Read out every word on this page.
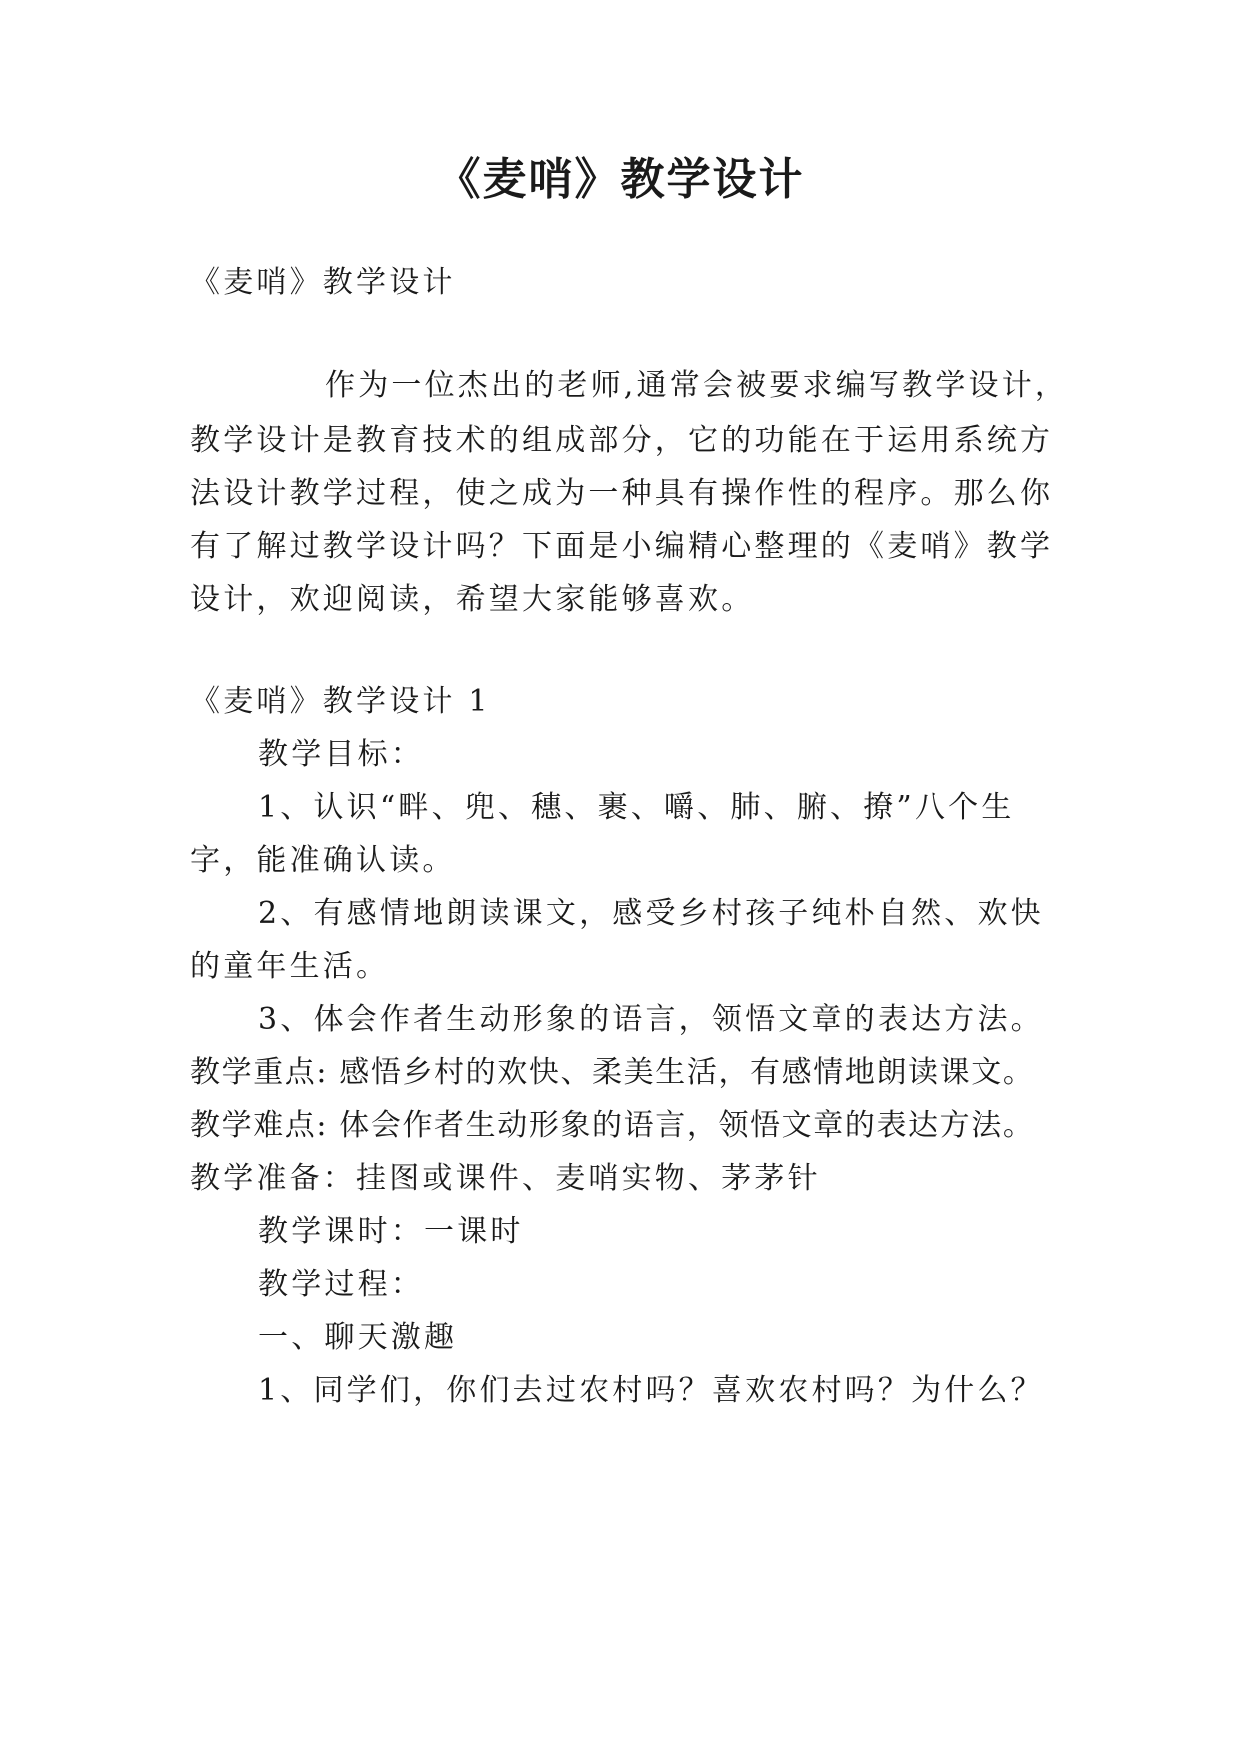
《麦哨》教学设计
《麦哨》教学设计
作为一位杰出的老师,通常会被要求编写教学设计，
教学设计是教育技术的组成部分，它的功能在于运用系统方
法设计教学过程，使之成为一种具有操作性的程序。那么你
有了解过教学设计吗？下面是小编精心整理的《麦哨》教学
设计，欢迎阅读，希望大家能够喜欢。
《麦哨》教学设计 1
教学目标：
1、认识“畔、兜、穗、裹、嚼、肺、腑、撩”八个生
字，能准确认读。
2、有感情地朗读课文，感受乡村孩子纯朴自然、欢快
的童年生活。
3、体会作者生动形象的语言，领悟文章的表达方法。
教学重点: 感悟乡村的欢快、柔美生活，有感情地朗读课文。
教学难点: 体会作者生动形象的语言，领悟文章的表达方法。
教学准备：挂图或课件、麦哨实物、茅茅针
教学课时：一课时
教学过程：
一、聊天激趣
1、同学们，你们去过农村吗？喜欢农村吗？为什么？
